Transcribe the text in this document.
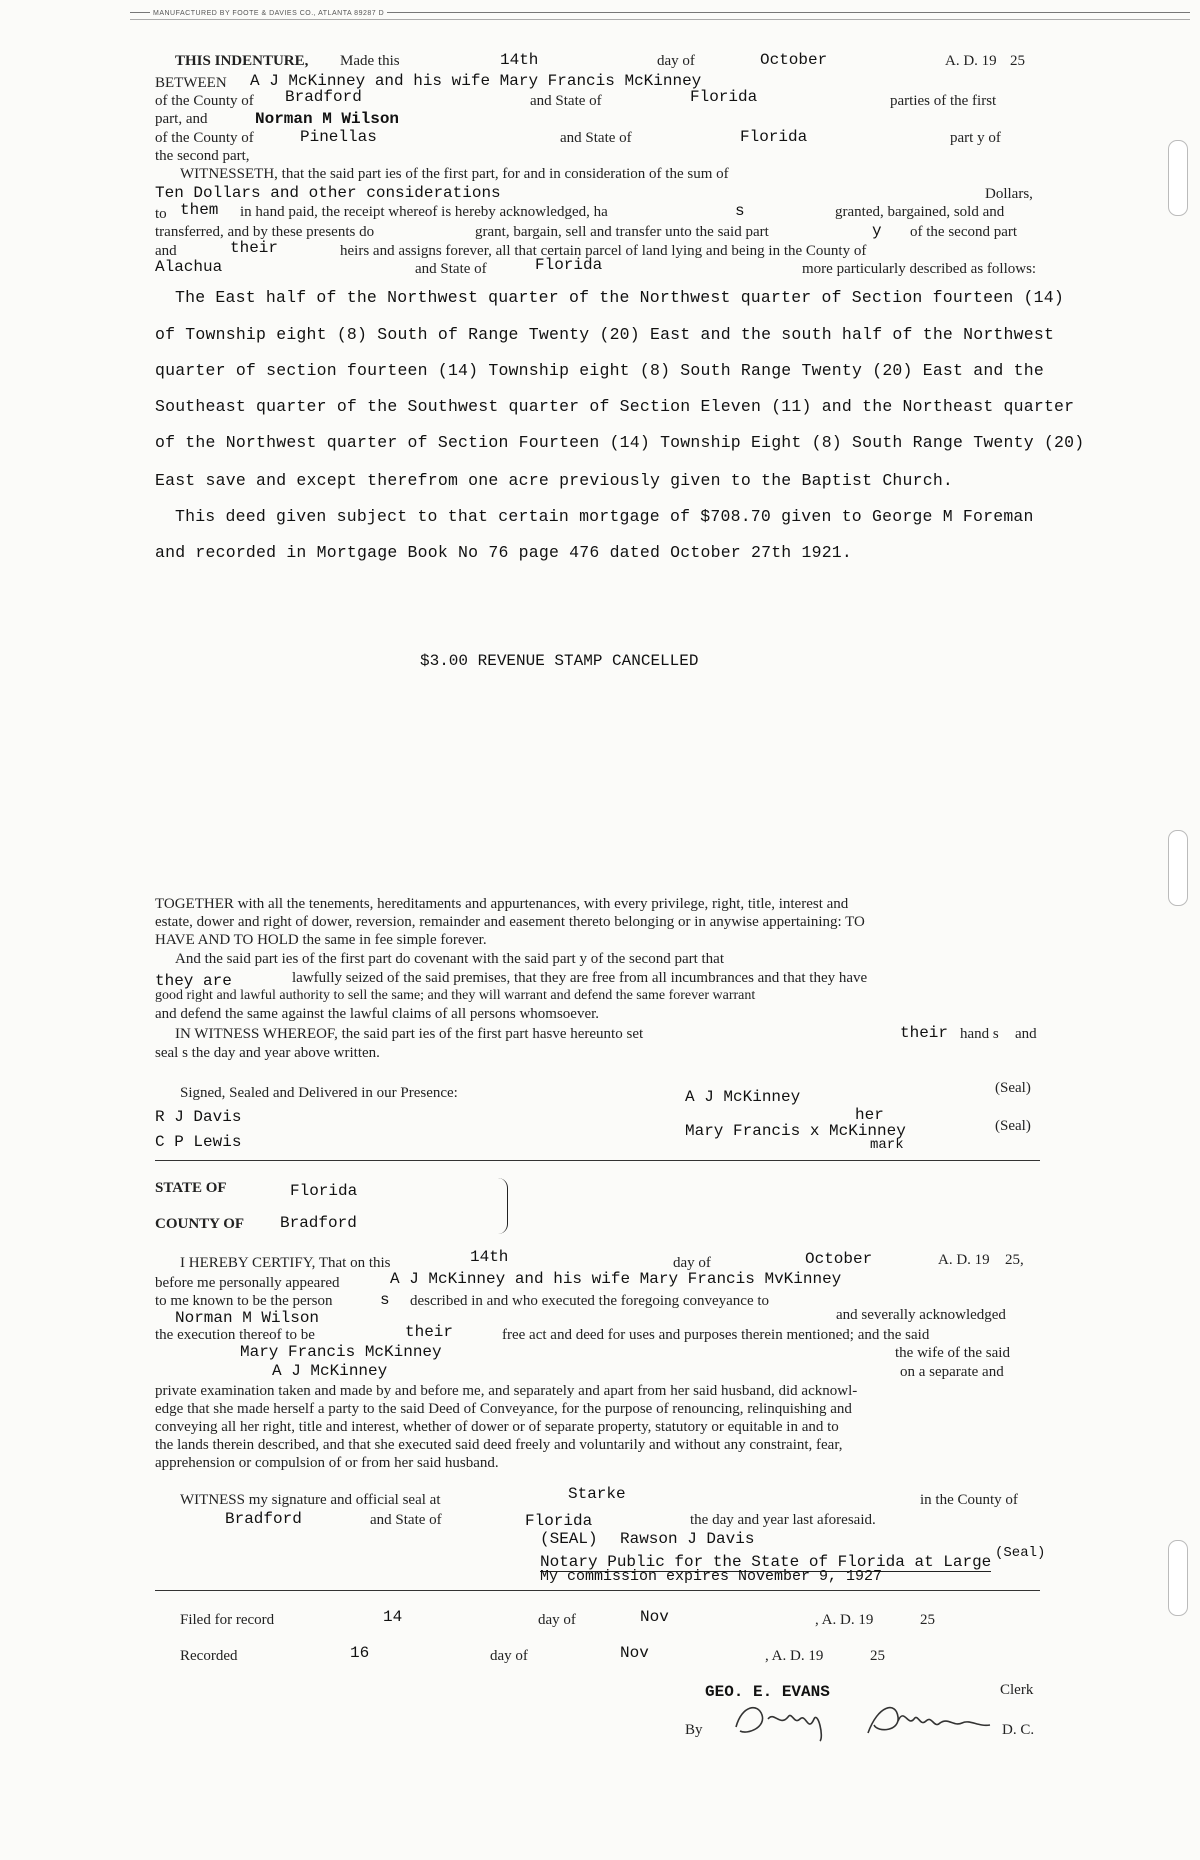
MANUFACTURED BY FOOTE & DAVIES CO., ATLANTA 89287 D
THIS INDENTURE, Made this	14th	day of	October	A. D. 19 25
BETWEEN A J McKinney and his wife Mary Francis McKinney
of the County of Bradford	and State of	Florida	parties of the first
part, and	Norman M Wilson
of the County of	Pinellas	and State of	Florida	part y of
the second part,
WITNESSETH, that the said part ies of the first part, for and in consideration of the sum of
Ten Dollars and other considerations	Dollars,
to them in hand paid, the receipt whereof is hereby acknowledged, ha	s	granted, bargained, sold and
transferred, and by these presents do	grant, bargain, sell and transfer unto the said part	y of the second part
and	their	heirs and assigns forever, all that certain parcel of land lying and being in the County of
Alachua	and State of	Florida	more particularly described as follows:
The East half of the Northwest quarter of the Northwest quarter of Section fourteen (14)
of Township eight (8) South of Range Twenty (20) East and the south half of the Northwest
quarter of section fourteen (14) Township eight (8) South Range Twenty (20) East and the
Southeast quarter of the Southwest quarter of Section Eleven (11) and the Northeast quarter
of the Northwest quarter of Section Fourteen (14) Township Eight (8) South Range Twenty (20)
East save and except therefrom one acre previously given to the Baptist Church.
This deed given subject to that certain mortgage of $708.70 given to George M Foreman
and recorded in Mortgage Book No 76 page 476 dated October 27th 1921.
$3.00 REVENUE STAMP CANCELLED
TOGETHER with all the tenements, hereditaments and appurtenances, with every privilege, right, title, interest and
estate, dower and right of dower, reversion, remainder and easement thereto belonging or in anywise appertaining: TO
HAVE AND TO HOLD the same in fee simple forever.
And the said part ies of the first part do covenant with the said part y of the second part that
they are	lawfully seized of the said premises, that they are free from all incumbrances and that they have
good right and lawful authority to sell the same; and they will warrant and defend the same forever warrant
and defend the same against the lawful claims of all persons whomsoever.
IN WITNESS WHEREOF, the said part ies of the first part hasve hereunto set	their hand s and
seal s the day and year above written.
Signed, Sealed and Delivered in our Presence:
R J Davis
C P Lewis
A J McKinney	(Seal)
her
Mary Francis x McKinney
mark
(Seal)
STATE OF	Florida
COUNTY OF Bradford
I HEREBY CERTIFY, That on this	14th	day of	October	A. D. 19 25,
before me personally appeared	A J McKinney and his wife Mary Francis MvKinney
to me known to be the person	s described in and who executed the foregoing conveyance to
Norman M Wilson	and severally acknowledged
the execution thereof to be	their	free act and deed for uses and purposes therein mentioned; and the said
Mary Francis McKinney	the wife of the said
A J McKinney	on a separate and
private examination taken and made by and before me, and separately and apart from her said husband, did acknowl-
edge that she made herself a party to the said Deed of Conveyance, for the purpose of renouncing, relinquishing and
conveying all her right, title and interest, whether of dower or of separate property, statutory or equitable in and to
the lands therein described, and that she executed said deed freely and voluntarily and without any constraint, fear,
apprehension or compulsion of or from her said husband.
WITNESS my signature and official seal at	Starke	in the County of
Bradford	and State of	Florida	the day and year last aforesaid.
(SEAL) Rawson J Davis
Notary Public for the State of Florida at Large (Seal)
My commission expires November 9, 1927
Filed for record	14	day of	Nov	, A. D. 19	25
Recorded	16	day of	Nov	, A. D. 19	25
GEO. E. EVANS	Clerk
By	D. C.
